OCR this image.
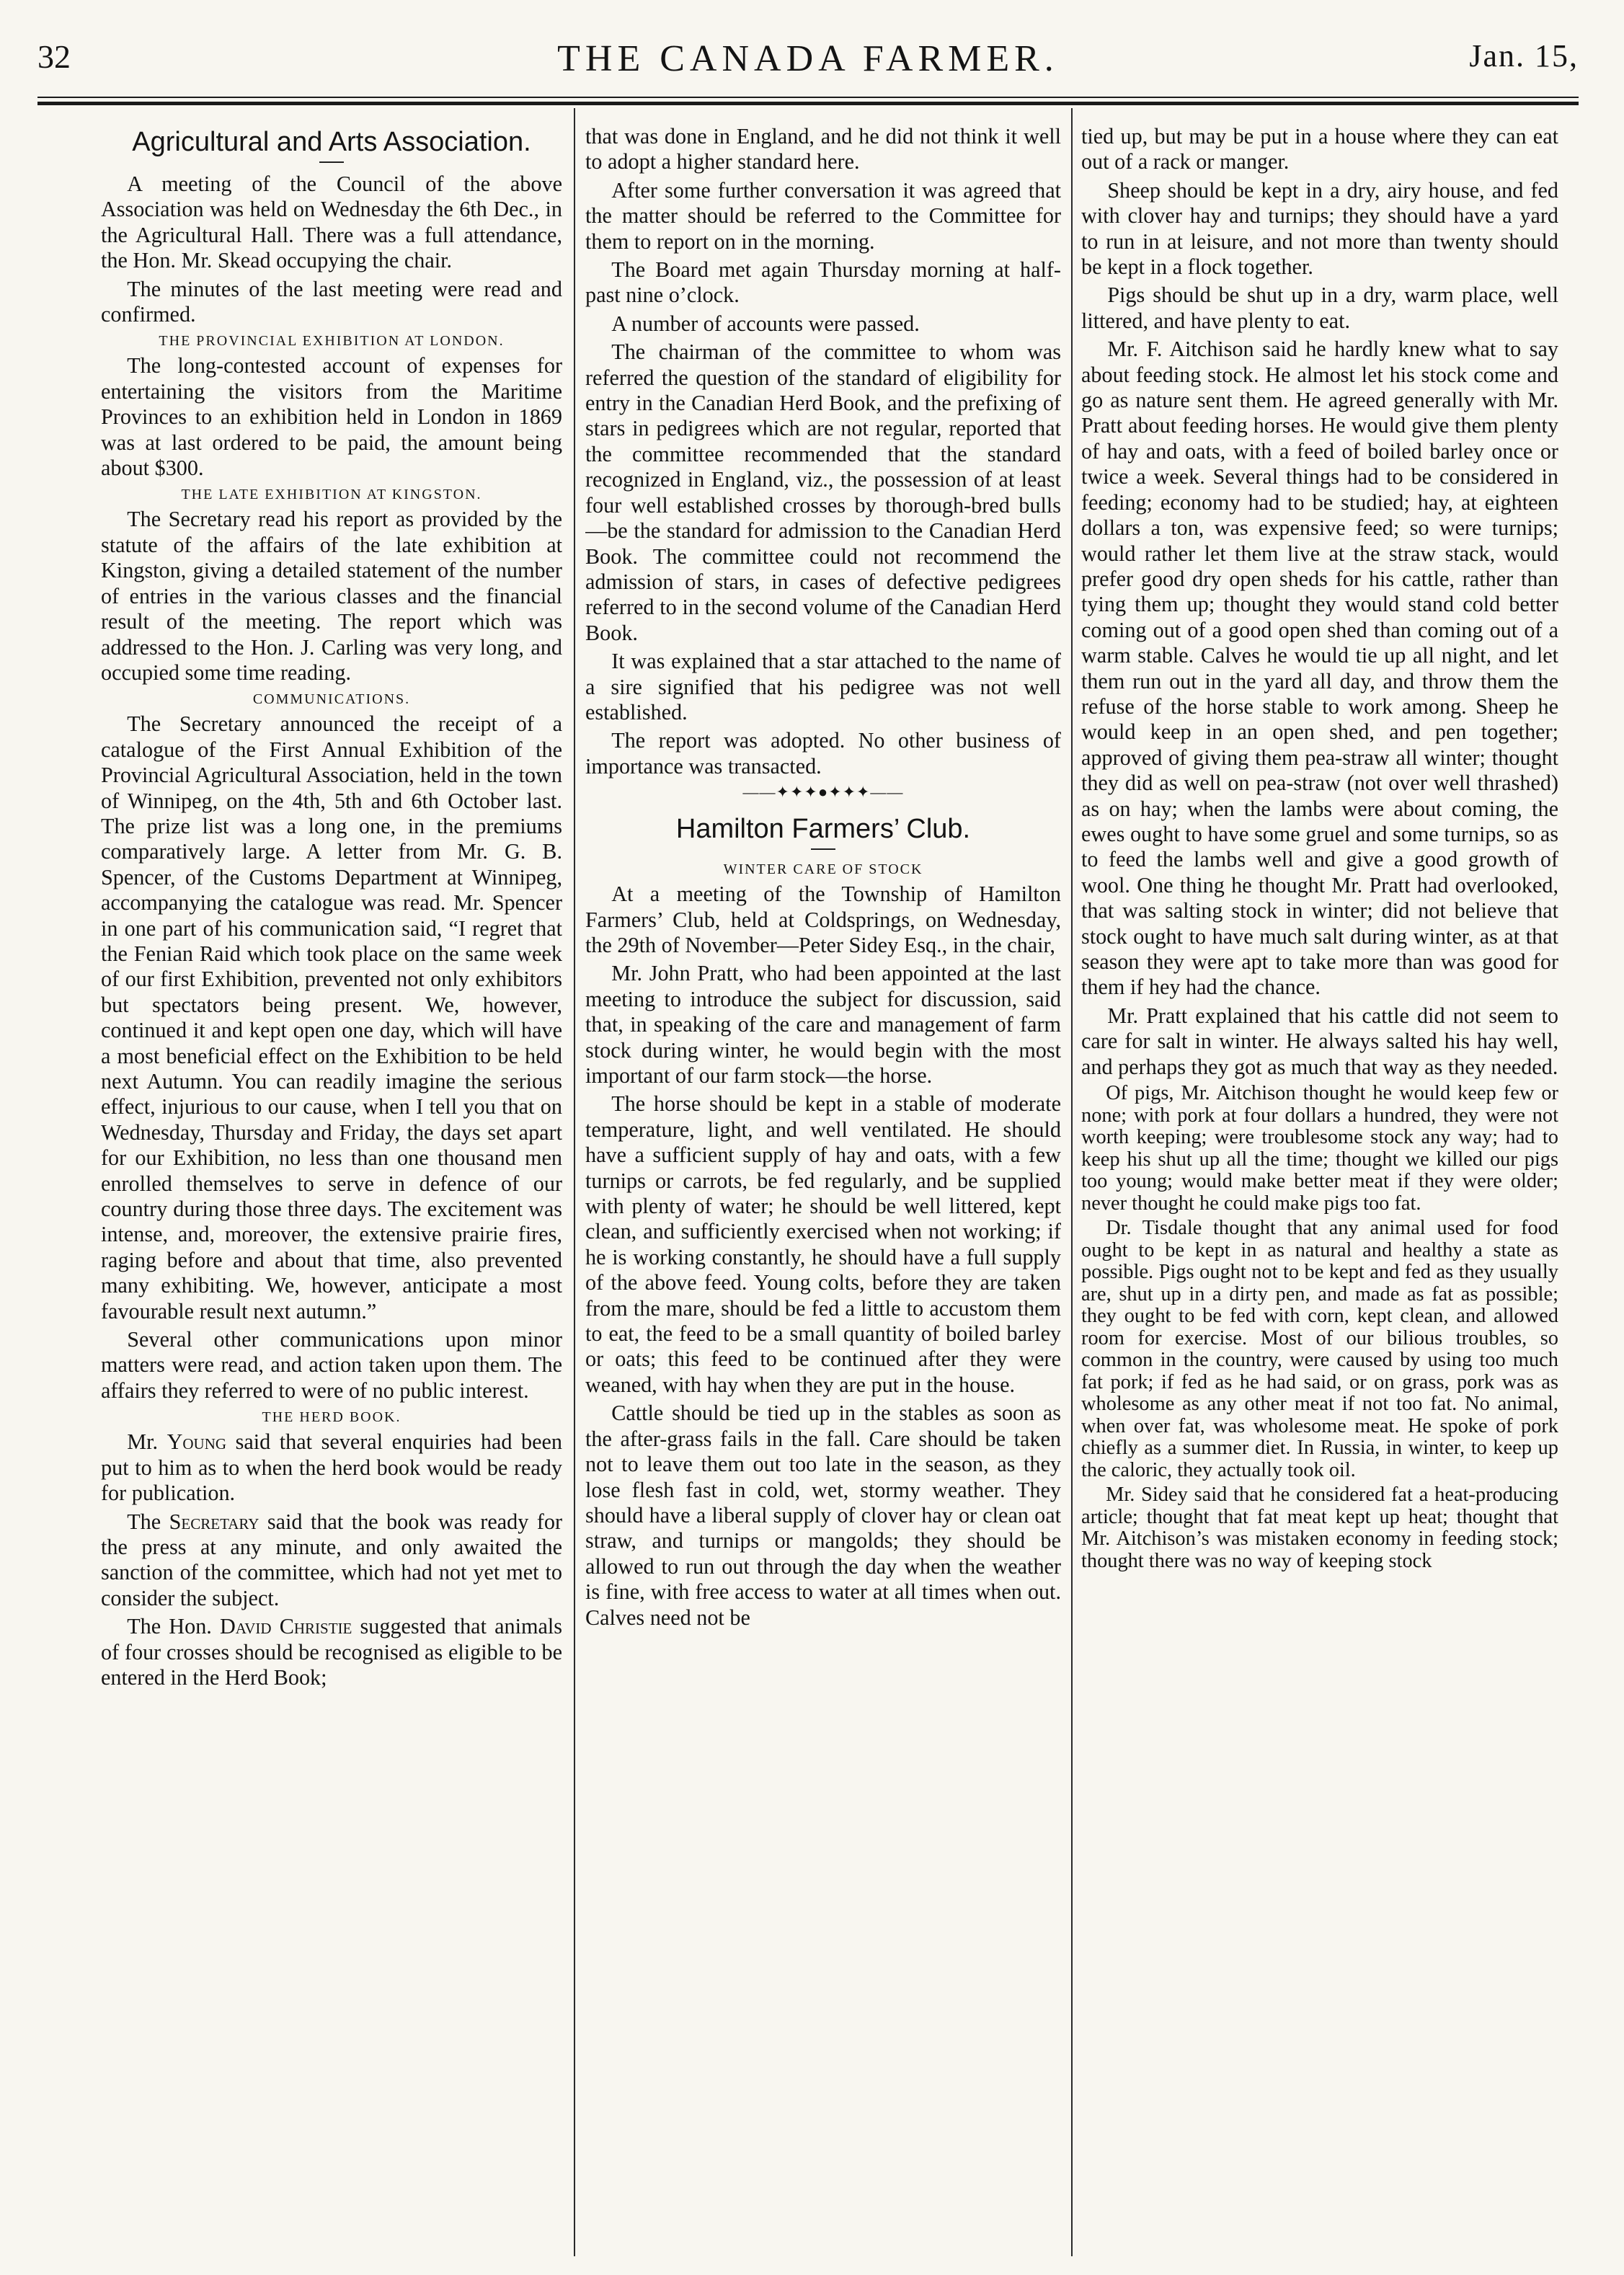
32	THE CANADA FARMER.	Jan. 15,
Agricultural and Arts Association.

A meeting of the Council of the above Association was held on Wednesday the 6th Dec., in the Agricultural Hall. There was a full attendance, the Hon. Mr. Skead occupying the chair.

The minutes of the last meeting were read and confirmed.

THE PROVINCIAL EXHIBITION AT LONDON.

The long-contested account of expenses for entertaining the visitors from the Maritime Provinces to an exhibition held in London in 1869 was at last ordered to be paid, the amount being about $300.

THE LATE EXHIBITION AT KINGSTON.

The Secretary read his report as provided by the statute of the affairs of the late exhibition at Kingston, giving a detailed statement of the number of entries in the various classes and the financial result of the meeting. The report which was addressed to the Hon. J. Carling was very long, and occupied some time reading.

COMMUNICATIONS.

The Secretary announced the receipt of a catalogue of the First Annual Exhibition of the Provincial Agricultural Association, held in the town of Winnipeg, on the 4th, 5th and 6th October last. The prize list was a long one, in the premiums comparatively large. A letter from Mr. G. B. Spencer, of the Customs Department at Winnipeg, accompanying the catalogue was read. Mr. Spencer in one part of his communication said, “I regret that the Fenian Raid which took place on the same week of our first Exhibition, prevented not only exhibitors but spectators being present. We, however, continued it and kept open one day, which will have a most beneficial effect on the Exhibition to be held next Autumn. You can readily imagine the serious effect, injurious to our cause, when I tell you that on Wednesday, Thursday and Friday, the days set apart for our Exhibition, no less than one thousand men enrolled themselves to serve in defence of our country during those three days. The excitement was intense, and, moreover, the extensive prairie fires, raging before and about that time, also prevented many exhibiting. We, however, anticipate a most favourable result next autumn.”

Several other communications upon minor matters were read, and action taken upon them. The affairs they referred to were of no public interest.

THE HERD BOOK.

Mr. Young said that several enquiries had been put to him as to when the herd book would be ready for publication.

The Secretary said that the book was ready for the press at any minute, and only awaited the sanction of the committee, which had not yet met to consider the subject.

The Hon. David Christie suggested that animals of four crosses should be recognised as eligible to be entered in the Herd Book;

that was done in England, and he did not think it well to adopt a higher standard here.

After some further conversation it was agreed that the matter should be referred to the Committee for them to report on in the morning.

The Board met again Thursday morning at half-past nine o’clock.

A number of accounts were passed.

The chairman of the committee to whom was referred the question of the standard of eligibility for entry in the Canadian Herd Book, and the prefixing of stars in pedigrees which are not regular, reported that the committee recommended that the standard recognized in England, viz., the possession of at least four well established crosses by thorough-bred bulls—be the standard for admission to the Canadian Herd Book. The committee could not recommend the admission of stars, in cases of defective pedigrees referred to in the second volume of the Canadian Herd Book.

It was explained that a star attached to the name of a sire signified that his pedigree was not well established.

The report was adopted. No other business of importance was transacted.

——✦✦✦●✦✦✦——
Hamilton Farmers’ Club.
WINTER CARE OF STOCK

At a meeting of the Township of Hamilton Farmers’ Club, held at Coldsprings, on Wednesday, the 29th of November—Peter Sidey Esq., in the chair,

Mr. John Pratt, who had been appointed at the last meeting to introduce the subject for discussion, said that, in speaking of the care and management of farm stock during winter, he would begin with the most important of our farm stock—the horse.

The horse should be kept in a stable of moderate temperature, light, and well ventilated. He should have a sufficient supply of hay and oats, with a few turnips or carrots, be fed regularly, and be supplied with plenty of water; he should be well littered, kept clean, and sufficiently exercised when not working; if he is working constantly, he should have a full supply of the above feed. Young colts, before they are taken from the mare, should be fed a little to accustom them to eat, the feed to be a small quantity of boiled barley or oats; this feed to be continued after they were weaned, with hay when they are put in the house.

Cattle should be tied up in the stables as soon as the after-grass fails in the fall. Care should be taken not to leave them out too late in the season, as they lose flesh fast in cold, wet, stormy weather. They should have a liberal supply of clover hay or clean oat straw, and turnips or mangolds; they should be allowed to run out through the day when the weather is fine, with free access to water at all times when out. Calves need not be

tied up, but may be put in a house where they can eat out of a rack or manger.

Sheep should be kept in a dry, airy house, and fed with clover hay and turnips; they should have a yard to run in at leisure, and not more than twenty should be kept in a flock together.

Pigs should be shut up in a dry, warm place, well littered, and have plenty to eat.

Mr. F. Aitchison said he hardly knew what to say about feeding stock. He almost let his stock come and go as nature sent them. He agreed generally with Mr. Pratt about feeding horses. He would give them plenty of hay and oats, with a feed of boiled barley once or twice a week. Several things had to be considered in feeding; economy had to be studied; hay, at eighteen dollars a ton, was expensive feed; so were turnips; would rather let them live at the straw stack, would prefer good dry open sheds for his cattle, rather than tying them up; thought they would stand cold better coming out of a good open shed than coming out of a warm stable. Calves he would tie up all night, and let them run out in the yard all day, and throw them the refuse of the horse stable to work among. Sheep he would keep in an open shed, and pen together; approved of giving them pea-straw all winter; thought they did as well on pea-straw (not over well thrashed) as on hay; when the lambs were about coming, the ewes ought to have some gruel and some turnips, so as to feed the lambs well and give a good growth of wool. One thing he thought Mr. Pratt had overlooked, that was salting stock in winter; did not believe that stock ought to have much salt during winter, as at that season they were apt to take more than was good for them if hey had the chance.

Mr. Pratt explained that his cattle did not seem to care for salt in winter. He always salted his hay well, and perhaps they got as much that way as they needed.

Of pigs, Mr. Aitchison thought he would keep few or none; with pork at four dollars a hundred, they were not worth keeping; were troublesome stock any way; had to keep his shut up all the time; thought we killed our pigs too young; would make better meat if they were older; never thought he could make pigs too fat.

Dr. Tisdale thought that any animal used for food ought to be kept in as natural and healthy a state as possible. Pigs ought not to be kept and fed as they usually are, shut up in a dirty pen, and made as fat as possible; they ought to be fed with corn, kept clean, and allowed room for exercise. Most of our bilious troubles, so common in the country, were caused by using too much fat pork; if fed as he had said, or on grass, pork was as wholesome as any other meat if not too fat. No animal, when over fat, was wholesome meat. He spoke of pork chiefly as a summer diet. In Russia, in winter, to keep up the caloric, they actually took oil.

Mr. Sidey said that he considered fat a heat-producing article; thought that fat meat kept up heat; thought that Mr. Aitchison’s was mistaken economy in feeding stock; thought there was no way of keeping stock
